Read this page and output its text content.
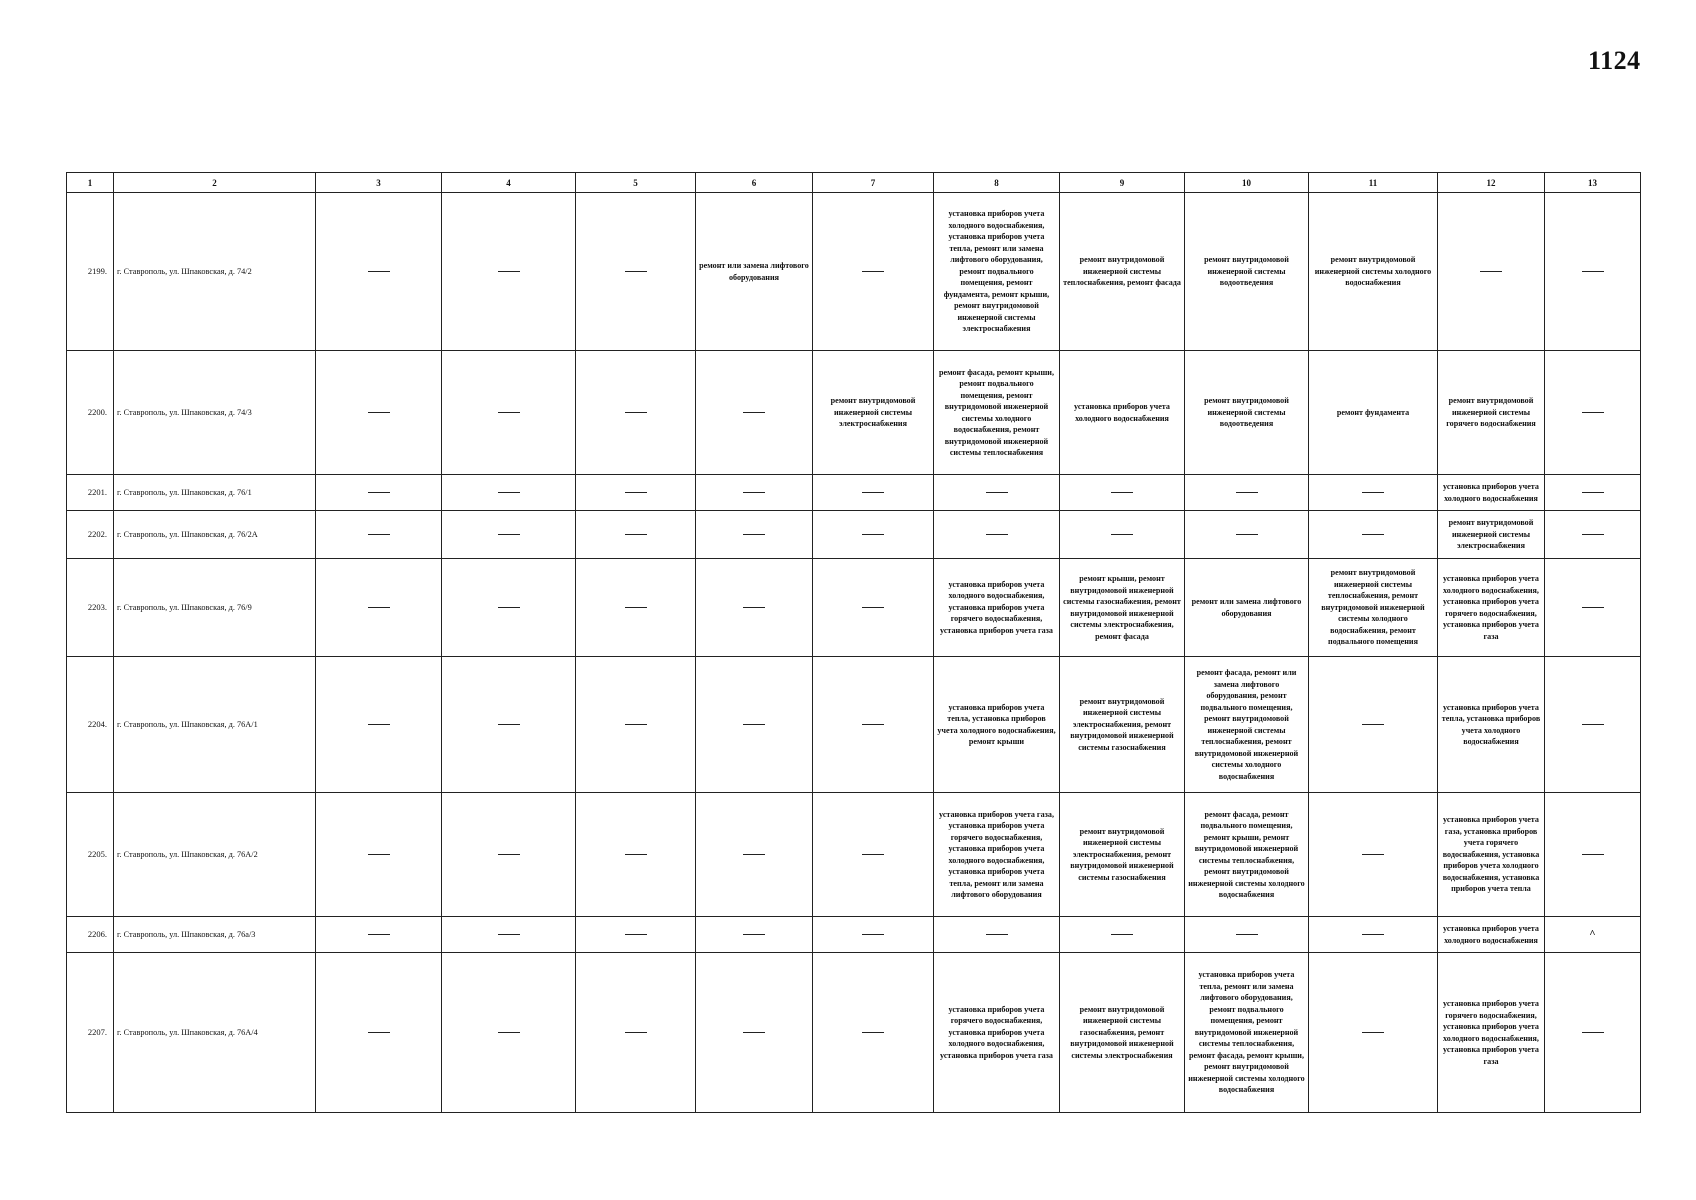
1124
1	2	3	4	5	6	7	8	9	10	11	12	13
2199.	г. Ставрополь, ул. Шпаковская, д. 74/2				ремонт или замена лифтового оборудования		установка приборов учета холодного водоснабжения, установка приборов учета тепла, ремонт или замена лифтового оборудования, ремонт подвального помещения, ремонт фундамента, ремонт крыши, ремонт внутридомовой инженерной системы электроснабжения	ремонт внутридомовой инженерной системы теплоснабжения, ремонт фасада	ремонт внутридомовой инженерной системы водоотведения	ремонт внутридомовой инженерной системы холодного водоснабжения		
2200.	г. Ставрополь, ул. Шпаковская, д. 74/3					ремонт внутридомовой инженерной системы электроснабжения	ремонт фасада, ремонт крыши, ремонт подвального помещения, ремонт внутридомовой инженерной системы холодного водоснабжения, ремонт внутридомовой инженерной системы теплоснабжения	установка приборов учета холодного водоснабжения	ремонт внутридомовой инженерной системы водоотведения	ремонт фундамента	ремонт внутридомовой инженерной системы горячего водоснабжения	
2201.	г. Ставрополь, ул. Шпаковская, д. 76/1										установка приборов учета холодного водоснабжения	
2202.	г. Ставрополь, ул. Шпаковская, д. 76/2А										ремонт внутридомовой инженерной системы электроснабжения	
2203.	г. Ставрополь, ул. Шпаковская, д. 76/9						установка приборов учета холодного водоснабжения, установка приборов учета горячего водоснабжения, установка приборов учета газа	ремонт крыши, ремонт внутридомовой инженерной системы газоснабжения, ремонт внутридомовой инженерной системы электроснабжения, ремонт фасада	ремонт или замена лифтового оборудования	ремонт внутридомовой инженерной системы теплоснабжения, ремонт внутридомовой инженерной системы холодного водоснабжения, ремонт подвального помещения	установка приборов учета холодного водоснабжения, установка приборов учета горячего водоснабжения, установка приборов учета газа	
2204.	г. Ставрополь, ул. Шпаковская, д. 76А/1						установка приборов учета тепла, установка приборов учета холодного водоснабжения, ремонт крыши	ремонт внутридомовой инженерной системы электроснабжения, ремонт внутридомовой инженерной системы газоснабжения	ремонт фасада, ремонт или замена лифтового оборудования, ремонт подвального помещения, ремонт внутридомовой инженерной системы теплоснабжения, ремонт внутридомовой инженерной системы холодного водоснабжения		установка приборов учета тепла, установка приборов учета холодного водоснабжения	
2205.	г. Ставрополь, ул. Шпаковская, д. 76А/2						установка приборов учета газа, установка приборов учета горячего водоснабжения, установка приборов учета холодного водоснабжения, установка приборов учета тепла, ремонт или замена лифтового оборудования	ремонт внутридомовой инженерной системы электроснабжения, ремонт внутридомовой инженерной системы газоснабжения	ремонт фасада, ремонт подвального помещения, ремонт крыши, ремонт внутридомовой инженерной системы теплоснабжения, ремонт внутридомовой инженерной системы холодного водоснабжения		установка приборов учета газа, установка приборов учета горячего водоснабжения, установка приборов учета холодного водоснабжения, установка приборов учета тепла	
2206.	г. Ставрополь, ул. Шпаковская, д. 76а/3										установка приборов учета холодного водоснабжения	^
2207.	г. Ставрополь, ул. Шпаковская, д. 76А/4						установка приборов учета горячего водоснабжения, установка приборов учета холодного водоснабжения, установка приборов учета газа	ремонт внутридомовой инженерной системы газоснабжения, ремонт внутридомовой инженерной системы электроснабжения	установка приборов учета тепла, ремонт или замена лифтового оборудования, ремонт подвального помещения, ремонт внутридомовой инженерной системы теплоснабжения, ремонт фасада, ремонт крыши, ремонт внутридомовой инженерной системы холодного водоснабжения		установка приборов учета горячего водоснабжения, установка приборов учета холодного водоснабжения, установка приборов учета газа	
